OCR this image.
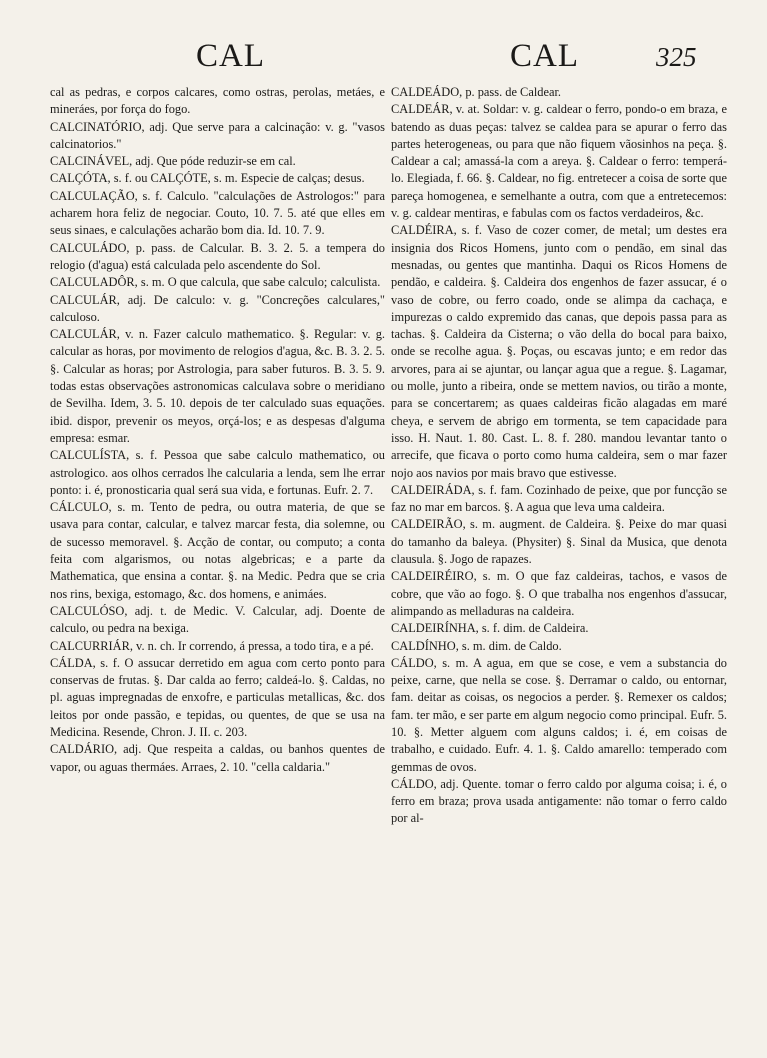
CAL	CAL	325

cal as pedras, e corpos calcares, como ostras, perolas, metáes, e mineráes, por força do fogo.

CALCINATÓRIO, adj. Que serve para a calcinação: v. g. "vasos calcinatorios."

CALCINÁVEL, adj. Que póde reduzir-se em cal.

CALÇÓTA, s. f. ou CALÇÓTE, s. m. Especie de calças; desus.

CALCULAÇÃO, s. f. Calculo. "calculações de Astrologos:" para acharem hora feliz de negociar. Couto, 10. 7. 5. até que elles em seus sinaes, e calculações acharão bom dia. Id. 10. 7. 9.

CALCULÁDO, p. pass. de Calcular. B. 3. 2. 5. a tempera do relogio (d'agua) está calculada pelo ascendente do Sol.

CALCULADÔR, s. m. O que calcula, que sabe calculo; calculista.

CALCULÁR, adj. De calculo: v. g. "Concreções calculares," calculoso.

CALCULÁR, v. n. Fazer calculo mathematico. §. Regular: v. g. calcular as horas, por movimento de relogios d'agua, &c. B. 3. 2. 5. §. Calcular as horas; por Astrologia, para saber futuros. B. 3. 5. 9. todas estas observações astronomicas calculava sobre o meridiano de Sevilha. Idem, 3. 5. 10. depois de ter calculado suas equações. ibid. dispor, prevenir os meyos, orçá-los; e as despesas d'alguma empresa: esmar.

CALCULÍSTA, s. f. Pessoa que sabe calculo mathematico, ou astrologico. aos olhos cerrados lhe calcularia a lenda, sem lhe errar ponto: i. é, pronosticaria qual será sua vida, e fortunas. Eufr. 2. 7.

CÁLCULO, s. m. Tento de pedra, ou outra materia, de que se usava para contar, calcular, e talvez marcar festa, dia solemne, ou de sucesso memoravel. §. Acção de contar, ou computo; a conta feita com algarismos, ou notas algebricas; e a parte da Mathematica, que ensina a contar. §. na Medic. Pedra que se cria nos rins, bexiga, estomago, &c. dos homens, e animáes.

CALCULÓSO, adj. t. de Medic. V. Calcular, adj. Doente de calculo, ou pedra na bexiga.

CALCURRIÁR, v. n. ch. Ir correndo, á pressa, a todo tira, e a pé.

CÁLDA, s. f. O assucar derretido em agua com certo ponto para conservas de frutas. §. Dar calda ao ferro; caldeá-lo. §. Caldas, no pl. aguas impregnadas de enxofre, e particulas metallicas, &c. dos leitos por onde passão, e tepidas, ou quentes, de que se usa na Medicina. Resende, Chron. J. II. c. 203.

CALDÁRIO, adj. Que respeita a caldas, ou banhos quentes de vapor, ou aguas thermáes. Arraes, 2. 10. "cella caldaria."

CALDEÁDO, p. pass. de Caldear.

CALDEÁR, v. at. Soldar: v. g. caldear o ferro, pondo-o em braza, e batendo as duas peças: talvez se caldea para se apurar o ferro das partes heterogeneas, ou para que não fiquem vãosinhos na peça. §. Caldear a cal; amassá-la com a areya. §. Caldear o ferro: temperá-lo. Elegiada, f. 66. §. Caldear, no fig. entretecer a coisa de sorte que pareça homogenea, e semelhante a outra, com que a entretecemos: v. g. caldear mentiras, e fabulas com os factos verdadeiros, &c.

CALDÉIRA, s. f. Vaso de cozer comer, de metal; um destes era insignia dos Ricos Homens, junto com o pendão, em sinal das mesnadas, ou gentes que mantinha. Daqui os Ricos Homens de pendão, e caldeira. §. Caldeira dos engenhos de fazer assucar, é o vaso de cobre, ou ferro coado, onde se alimpa da cachaça, e impurezas o caldo expremido das canas, que depois passa para as tachas. §. Caldeira da Cisterna; o vão della do bocal para baixo, onde se recolhe agua. §. Poças, ou escavas junto; e em redor das arvores, para ai se ajuntar, ou lançar agua que a regue. §. Lagamar, ou molle, junto a ribeira, onde se mettem navios, ou tirão a monte, para se concertarem; as quaes caldeiras ficão alagadas em maré cheya, e servem de abrigo em tormenta, se tem capacidade para isso. H. Naut. 1. 80. Cast. L. 8. f. 280. mandou levantar tanto o arrecife, que ficava o porto como huma caldeira, sem o mar fazer nojo aos navios por mais bravo que estivesse.

CALDEIRÁDA, s. f. fam. Cozinhado de peixe, que por funcção se faz no mar em barcos. §. A agua que leva uma caldeira.

CALDEIRÃO, s. m. augment. de Caldeira. §. Peixe do mar quasi do tamanho da baleya. (Physiter) §. Sinal da Musica, que denota clausula. §. Jogo de rapazes.

CALDEIRÉIRO, s. m. O que faz caldeiras, tachos, e vasos de cobre, que vão ao fogo. §. O que trabalha nos engenhos d'assucar, alimpando as melladuras na caldeira.

CALDEIRÍNHA, s. f. dim. de Caldeira.

CALDÍNHO, s. m. dim. de Caldo.

CÁLDO, s. m. A agua, em que se cose, e vem a substancia do peixe, carne, que nella se cose. §. Derramar o caldo, ou entornar, fam. deitar as coisas, os negocios a perder. §. Remexer os caldos; fam. ter mão, e ser parte em algum negocio como principal. Eufr. 5. 10. §. Metter alguem com alguns caldos; i. é, em coisas de trabalho, e cuidado. Eufr. 4. 1. §. Caldo amarello: temperado com gemmas de ovos.

CÁLDO, adj. Quente. tomar o ferro caldo por alguma coisa; i. é, o ferro em braza; prova usada antigamente: não tomar o ferro caldo por al-
